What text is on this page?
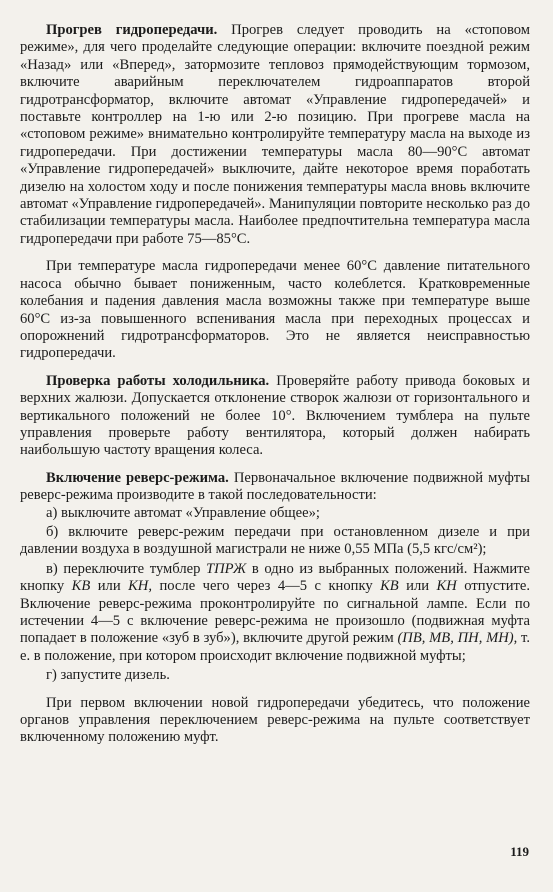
Прогрев гидропередачи. Прогрев следует проводить на «стоповом режиме», для чего проделайте следующие операции: включите поездной режим «Назад» или «Вперед», затормозите тепловоз прямодействующим тормозом, включите аварийным переключателем гидроаппаратов второй гидротрансформатор, включите автомат «Управление гидропередачей» и поставьте контроллер на 1-ю или 2-ю позицию. При прогреве масла на «стоповом режиме» внимательно контролируйте температуру масла на выходе из гидропередачи. При достижении температуры масла 80—90°С автомат «Управление гидропередачей» выключите, дайте некоторое время поработать дизелю на холостом ходу и после понижения температуры масла вновь включите автомат «Управление гидропередачей». Манипуляции повторите несколько раз до стабилизации температуры масла. Наиболее предпочтительна температура масла гидропередачи при работе 75—85°С.

При температуре масла гидропередачи менее 60°С давление питательного насоса обычно бывает пониженным, часто колеблется. Кратковременные колебания и падения давления масла возможны также при температуре выше 60°С из-за повышенного вспенивания масла при переходных процессах и опорожнений гидротрансформаторов. Это не является неисправностью гидропередачи.

Проверка работы холодильника. Проверяйте работу привода боковых и верхних жалюзи. Допускается отклонение створок жалюзи от горизонтального и вертикального положений не более 10°. Включением тумблера на пульте управления проверьте работу вентилятора, который должен набирать наибольшую частоту вращения колеса.

Включение реверс-режима. Первоначальное включение подвижной муфты реверс-режима производите в такой последовательности:

а) выключите автомат «Управление общее»;

б) включите реверс-режим передачи при остановленном дизеле и при давлении воздуха в воздушной магистрали не ниже 0,55 МПа (5,5 кгс/см²);

в) переключите тумблер ТПРЖ в одно из выбранных положений. Нажмите кнопку КВ или КН, после чего через 4—5 с кнопку КВ или КН отпустите. Включение реверс-режима проконтролируйте по сигнальной лампе. Если по истечении 4—5 с включение реверс-режима не произошло (подвижная муфта попадает в положение «зуб в зуб»), включите другой режим (ПВ, МВ, ПН, МН), т. е. в положение, при котором происходит включение подвижной муфты;

г) запустите дизель.

При первом включении новой гидропередачи убедитесь, что положение органов управления переключением реверс-режима на пульте соответствует включенному положению муфт.

119
